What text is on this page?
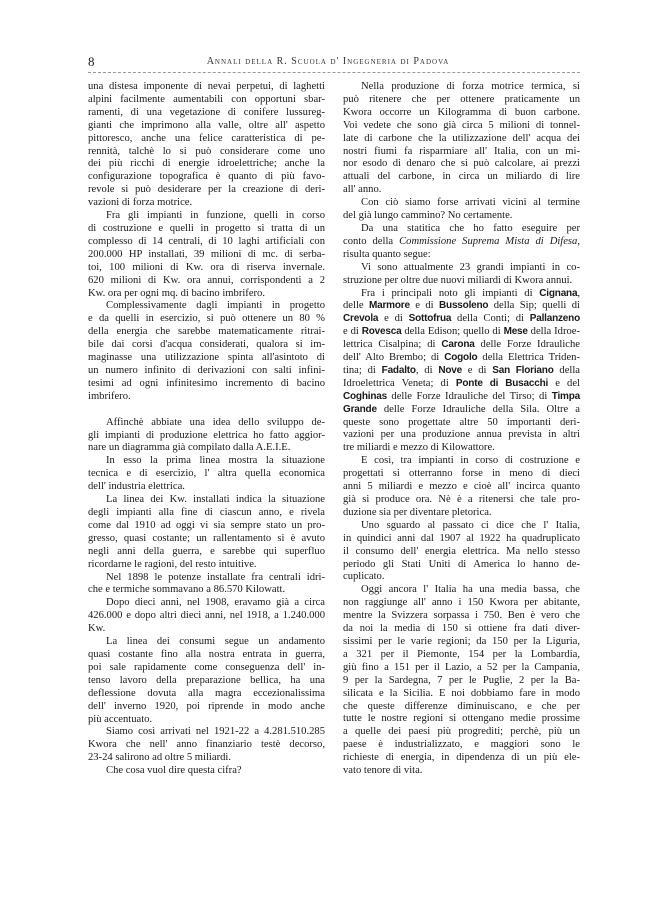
8	Annali della R. Scuola d' Ingegneria di Padova
una distesa imponente di nevai perpetui, di laghetti
alpini facilmente aumentabili con opportuni sbar-
ramenti, di una vegetazione di conifere lussureg-
gianti che imprimono alla valle, oltre all' aspetto
pittoresco, anche una felice caratteristica di pe-
rennità, talchè lo si può considerare come uno
dei più ricchi di energie idroelettriche; anche la
configurazione topografica è quanto di più favo-
revole si può desiderare per la creazione di deri-
vazioni di forza motrice.
Fra gli impianti in funzione, quelli in corso
di costruzione e quelli in progetto si tratta di un
complesso di 14 centrali, di 10 laghi artificiali con
200.000 HP installati, 39 milioni di mc. di serba-
toi, 100 milioni di Kw. ora di riserva invernale.
620 milioni di Kw. ora annui, corrispondenti a 2
Kw. ora per ogni mq. di bacino imbrifero.
Complessivamente dagli impianti in progetto
e da quelli in esercizio, si può ottenere un 80 %
della energia che sarebbe matematicamente ritrai-
bile dai corsi d'acqua considerati, qualora si im-
maginasse una utilizzazione spinta all'asintoto di
un numero infinito di derivazioni con salti infini-
tesimi ad ogni infinitesimo incremento di bacino
imbrifero.
Affinchè abbiate una idea dello sviluppo de-
gli impianti di produzione elettrica ho fatto aggior-
nare un diagramma già compilato dalla A.E.I.E.
In esso la prima linea mostra la situazione
tecnica e di esercizio, l' altra quella economica
dell' industria elettrica.
La linea dei Kw. installati indica la situazione
degli impianti alla fine di ciascun anno, e rivela
come dal 1910 ad oggi vi sia sempre stato un pro-
gresso, quasi costante; un rallentamento si è avuto
negli anni della guerra, e sarebbe qui superfluo
ricordarne le ragioni, del resto intuitive.
Nel 1898 le potenze installate fra centrali idri-
che e termiche sommavano a 86.570 Kilowatt.
Dopo dieci anni, nel 1908, eravamo già a circa
426.000 e dopo altri dieci anni, nel 1918, a 1.240.000
Kw.
La linea dei consumi segue un andamento
quasi costante fino alla nostra entrata in guerra,
poi sale rapidamente come conseguenza dell' in-
tenso lavoro della preparazione bellica, ha una
deflessione dovuta alla magra eccezionalissima
dell' inverno 1920, poi riprende in modo anche
più accentuato.
Siamo così arrivati nel 1921-22 a 4.281.510.285
Kwora che nell' anno finanziario testè decorso,
23-24 salirono ad oltre 5 miliardi.
Che cosa vuol dire questa cifra?
Nella produzione di forza motrice termica, si
può ritenere che per ottenere praticamente un
Kwora occorre un Kilogramma di buon carbone.
Voi vedete che sono già circa 5 milioni di tonnel-
late di carbone che la utilizzazione dell' acqua dei
nostri fiumi fa risparmiare all' Italia, con un mi-
nor esodo di denaro che si può calcolare, ai prezzi
attuali del carbone, in circa un miliardo di lire
all' anno.
Con ciò siamo forse arrivati vicini al termine
del già lungo cammino? No certamente.
Da una statitica che ho fatto eseguire per
conto della Commissione Suprema Mista di Difesa,
risulta quanto segue:
Vi sono attualmente 23 grandi impianti in co-
struzione per oltre due nuovi miliardi di Kwora annui.
Fra i principali noto gli impianti di Cignana,
delle Marmore e di Bussoleno della Sip; quelli di
Crevola e di Sottofrua della Conti; di Pallanzeno
e di Rovesca della Edison; quello di Mese della Idroe-
lettrica Cisalpina; di Carona delle Forze Idrauliche
dell' Alto Brembo; di Cogolo della Elettrica Triden-
tina; di Fadalto, di Nove e di San Floriano della
Idroelettrica Veneta; di Ponte di Busacchi e del
Coghinas delle Forze Idrauliche del Tirso; di Timpa
Grande delle Forze Idrauliche della Sila. Oltre a
queste sono progettate altre 50 importanti deri-
vazioni per una produzione annua prevista in altri
tre miliardi e mezzo di Kilowattore.
E così, tra impianti in corso di costruzione e
progettati si otterranno forse in meno di dieci
anni 5 miliardi e mezzo e cioè all' incirca quanto
già si produce ora. Nè è a ritenersi che tale pro-
duzione sia per diventare pletorica.
Uno sguardo al passato ci dice che l' Italia,
in quindici anni dal 1907 al 1922 ha quadruplicato
il consumo dell' energia elettrica. Ma nello stesso
periodo gli Stati Uniti di America lo hanno de-
cuplicato.
Oggi ancora l' Italia ha una media bassa, che
non raggiunge all' anno i 150 Kwora per abitante,
mentre la Svizzera sorpassa i 750. Ben è vero che
da noi la media di 150 si ottiene fra dati diver-
sissimi per le varie regioni; da 150 per la Liguria,
a 321 per il Piemonte, 154 per la Lombardia,
giù fino a 151 per il Lazio, a 52 per la Campania,
9 per la Sardegna, 7 per le Puglie, 2 per la Ba-
silicata e la Sicilia. E noi dobbiamo fare in modo
che queste differenze diminuiscano, e che per
tutte le nostre regioni si ottengano medie prossime
a quelle dei paesi più progrediti; perchè, più un
paese è industrializzato, e maggiori sono le
richieste di energia, in dipendenza di un più ele-
vato tenore di vita.
